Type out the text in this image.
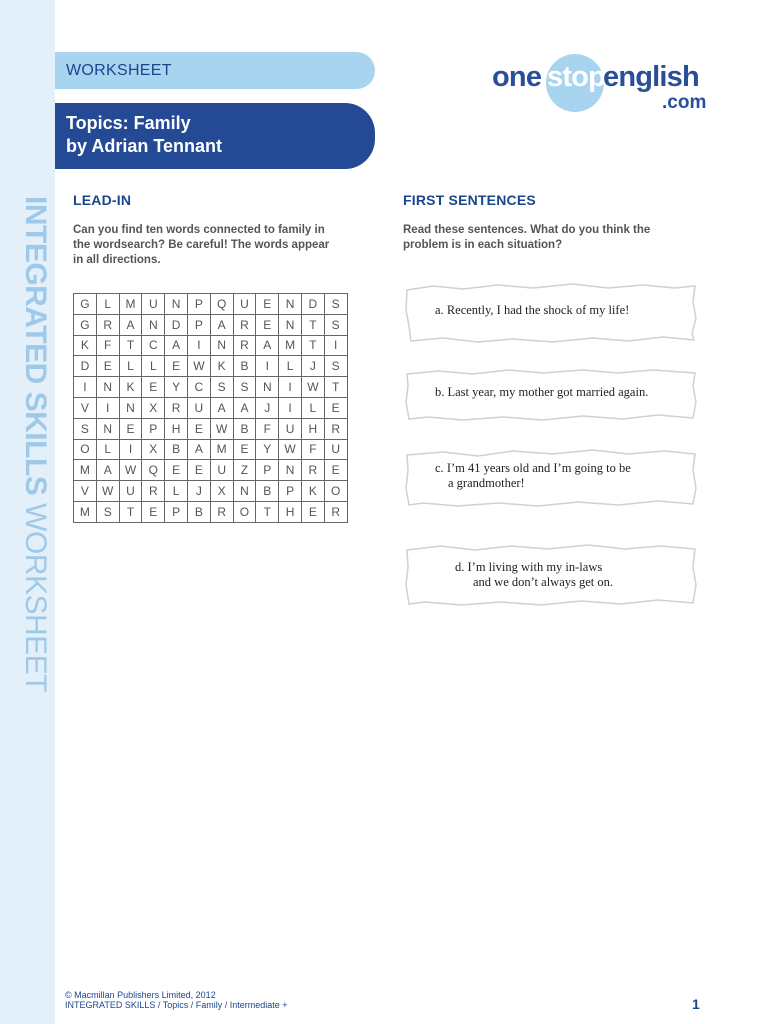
INTEGRATED SKILLS WORKSHEET
WORKSHEET
Topics: Family
by Adrian Tennant
one stop
english
.com
LEAD-IN
Can you find ten words connected to family in
the wordsearch? Be careful! The words appear
in all directions.
G	L	M	U	N	P	Q	U	E	N	D	S
G	R	A	N	D	P	A	R	E	N	T	S
K	F	T	C	A	I	N	R	A	M	T	I
D	E	L	L	E	W	K	B	I	L	J	S
I	N	K	E	Y	C	S	S	N	I	W	T
V	I	N	X	R	U	A	A	J	I	L	E
S	N	E	P	H	E	W	B	F	U	H	R
O	L	I	X	B	A	M	E	Y	W	F	U
M	A	W	Q	E	E	U	Z	P	N	R	E
V	W	U	R	L	J	X	N	B	P	K	O
M	S	T	E	P	B	R	O	T	H	E	R
FIRST SENTENCES
Read these sentences. What do you think the
problem is in each situation?
a. Recently, I had the shock of my life!
b. Last year, my mother got married again.
c. I’m 41 years old and I’m going to be
a grandmother!
d. I’m living with my in-laws
and we don’t always get on.
© Macmillan Publishers Limited, 2012
INTEGRATED SKILLS / Topics / Family / Intermediate +	1
